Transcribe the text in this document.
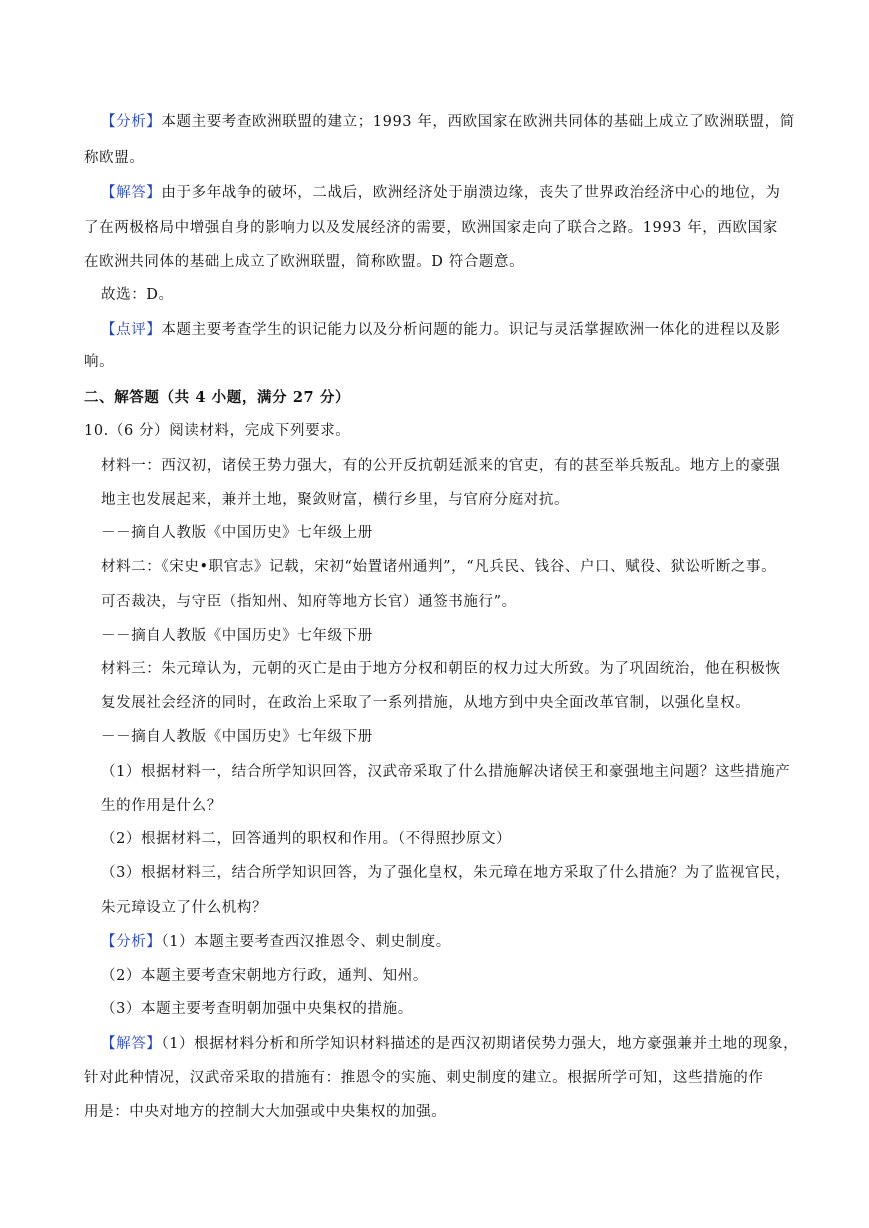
【分析】本题主要考查欧洲联盟的建立；1993 年，西欧国家在欧洲共同体的基础上成立了欧洲联盟，简
称欧盟。
【解答】由于多年战争的破坏，二战后，欧洲经济处于崩溃边缘，丧失了世界政治经济中心的地位，为
了在两极格局中增强自身的影响力以及发展经济的需要，欧洲国家走向了联合之路。1993 年，西欧国家
在欧洲共同体的基础上成立了欧洲联盟，简称欧盟。D 符合题意。
故选：D。
【点评】本题主要考查学生的识记能力以及分析问题的能力。识记与灵活掌握欧洲一体化的进程以及影
响。
二、解答题（共 4 小题，满分 27 分）
10.（6 分）阅读材料，完成下列要求。
材料一：西汉初，诸侯王势力强大，有的公开反抗朝廷派来的官吏，有的甚至举兵叛乱。地方上的豪强
地主也发展起来，兼并土地，聚敛财富，横行乡里，与官府分庭对抗。
－－摘自人教版《中国历史》七年级上册
材料二：《宋史•职官志》记载，宋初“始置诸州通判”，“凡兵民、钱谷、户口、赋役、狱讼听断之事。
可否裁决，与守臣（指知州、知府等地方长官）通签书施行”。
－－摘自人教版《中国历史》七年级下册
材料三：朱元璋认为，元朝的灭亡是由于地方分权和朝臣的权力过大所致。为了巩固统治，他在积极恢
复发展社会经济的同时，在政治上采取了一系列措施，从地方到中央全面改革官制，以强化皇权。
－－摘自人教版《中国历史》七年级下册
（1）根据材料一，结合所学知识回答，汉武帝采取了什么措施解决诸侯王和豪强地主问题？这些措施产
生的作用是什么？
（2）根据材料二，回答通判的职权和作用。（不得照抄原文）
（3）根据材料三，结合所学知识回答，为了强化皇权，朱元璋在地方采取了什么措施？为了监视官民，
朱元璋设立了什么机构？
【分析】（1）本题主要考查西汉推恩令、刺史制度。
（2）本题主要考查宋朝地方行政，通判、知州。
（3）本题主要考查明朝加强中央集权的措施。
【解答】（1）根据材料分析和所学知识材料描述的是西汉初期诸侯势力强大，地方豪强兼并土地的现象，
针对此种情况，汉武帝采取的措施有：推恩令的实施、刺史制度的建立。根据所学可知，这些措施的作
用是：中央对地方的控制大大加强或中央集权的加强。
